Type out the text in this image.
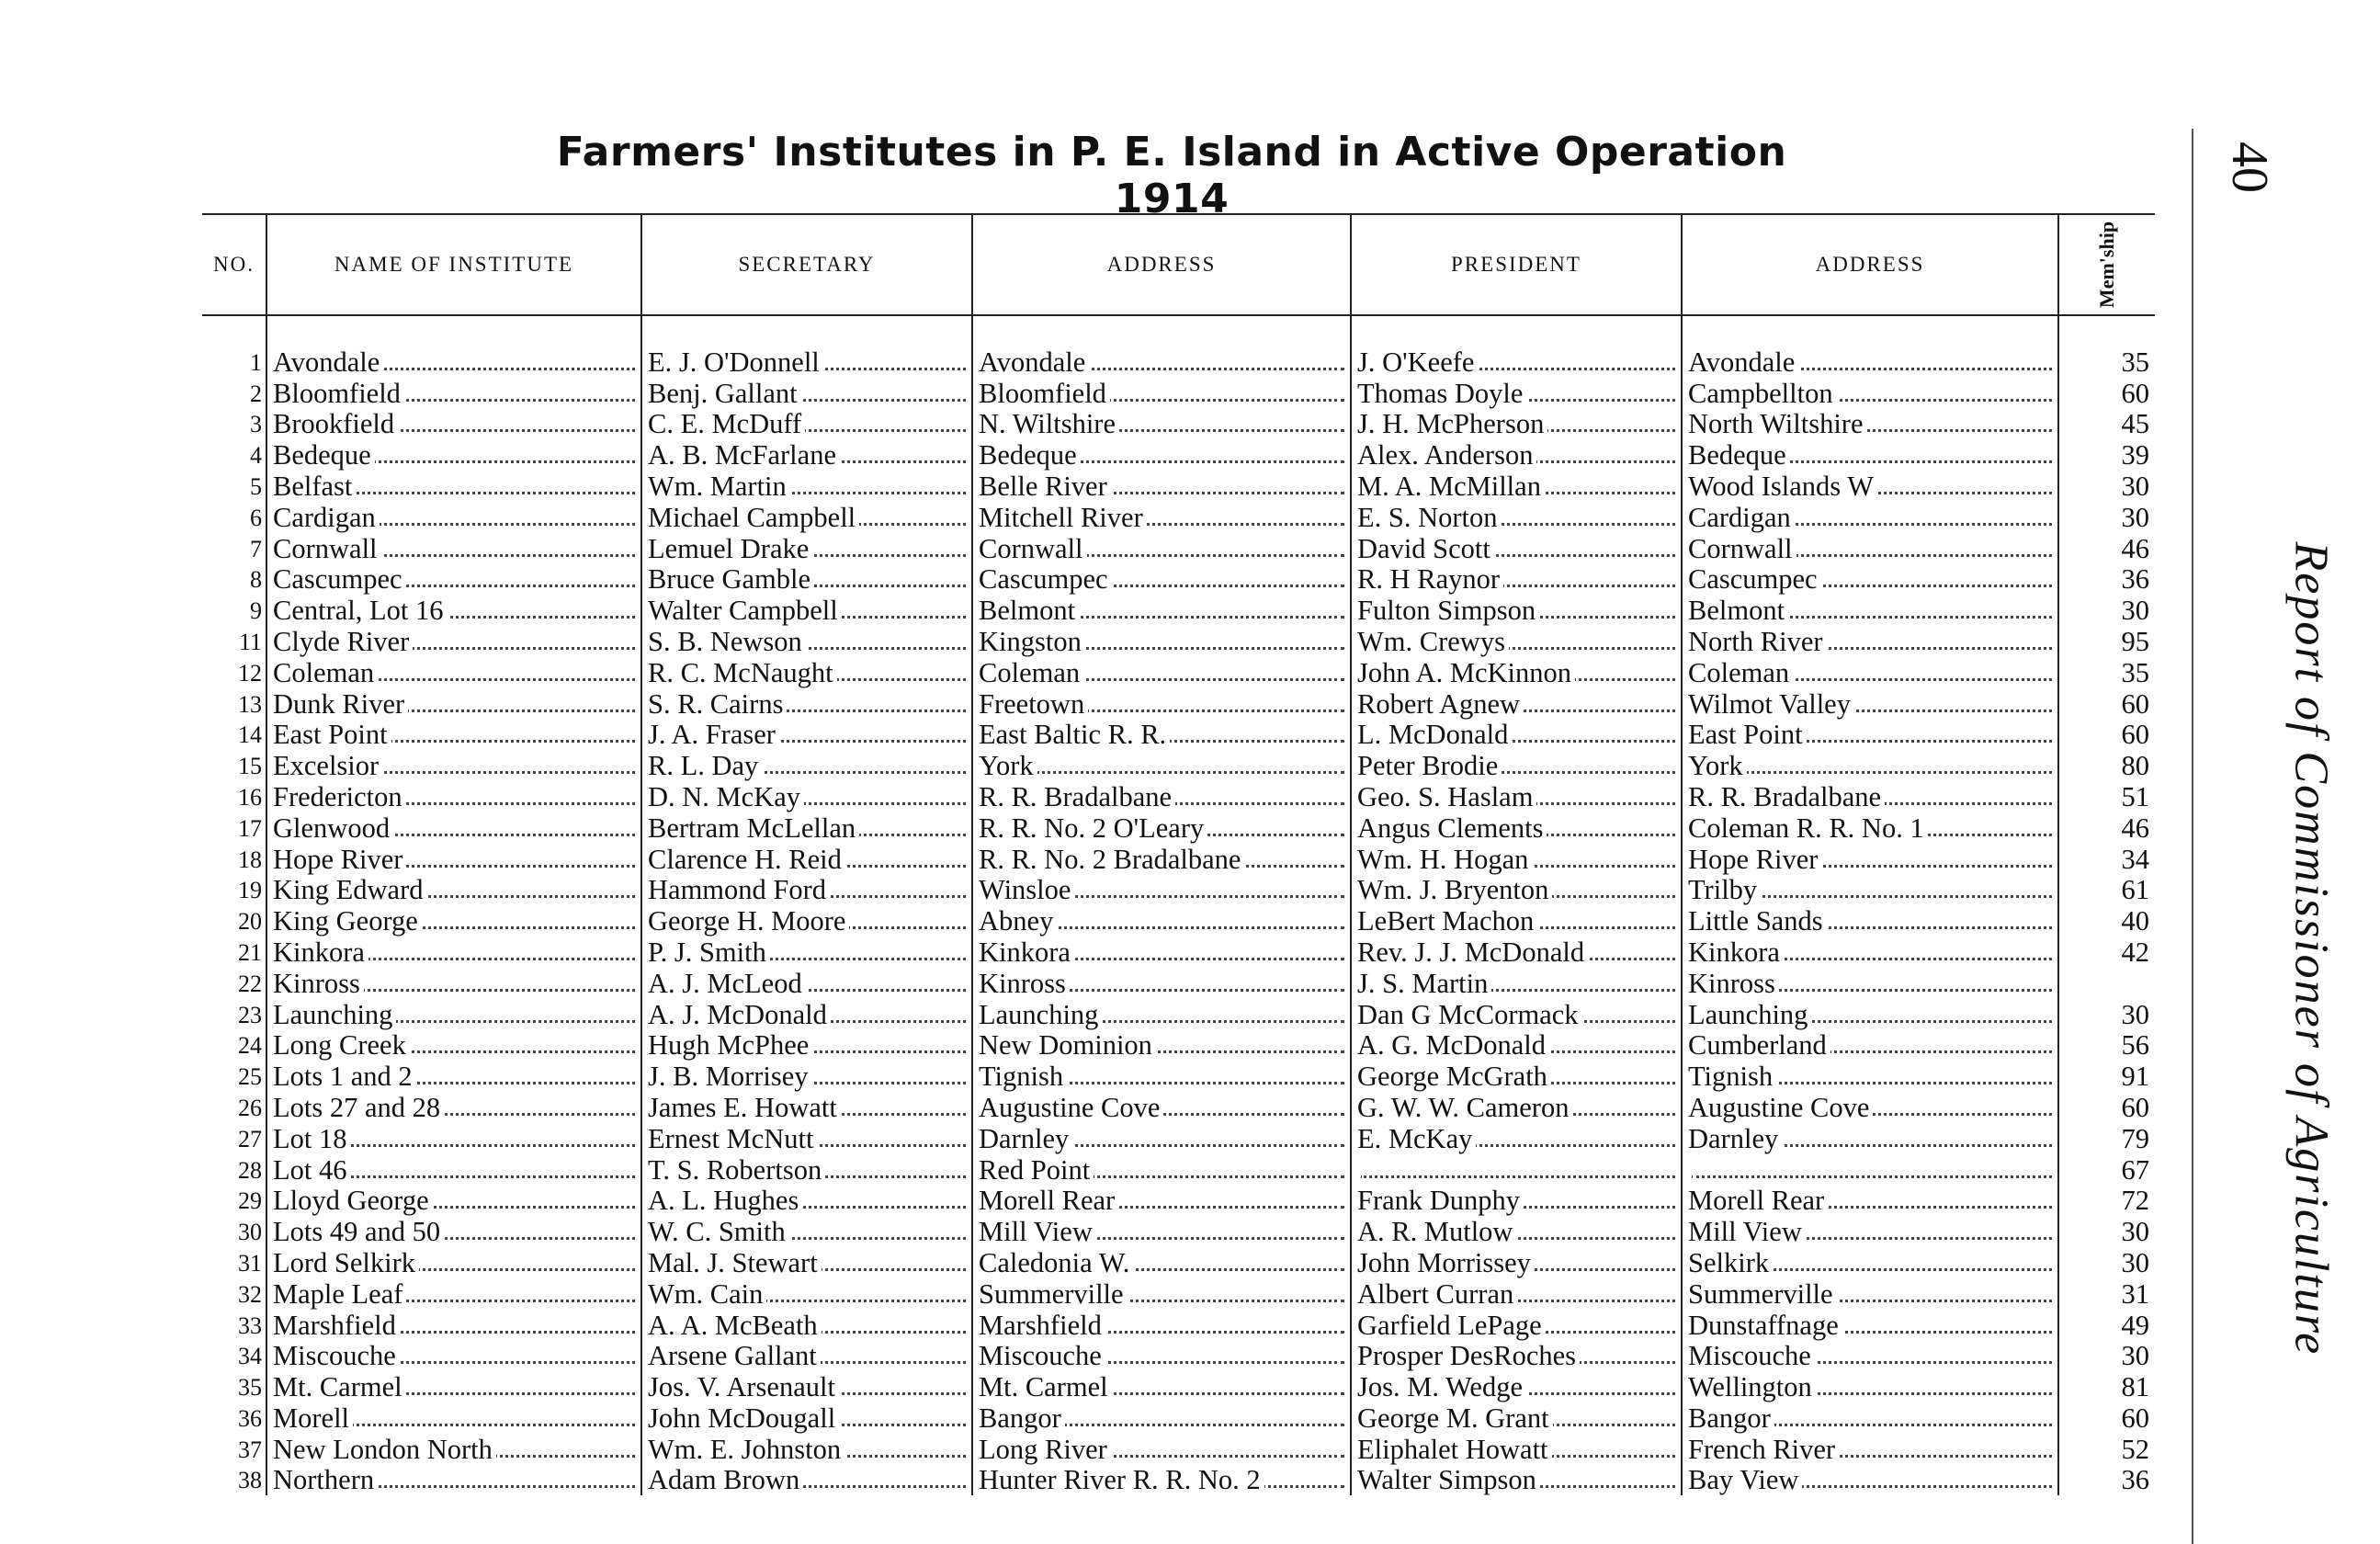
Farmers' Institutes in P. E. Island in Active Operation 1914
40
Report of Commissioner of Agriculture
NO.	NAME OF INSTITUTE	SECRETARY	ADDRESS	PRESIDENT	ADDRESS	Mem'ship

1	Avondale	E. J. O'Donnell	Avondale	J. O'Keefe	Avondale	35
2	Bloomfield	Benj. Gallant	Bloomfield	Thomas Doyle	Campbellton	60
3	Brookfield	C. E. McDuff	N. Wiltshire	J. H. McPherson	North Wiltshire	45
4	Bedeque	A. B. McFarlane	Bedeque	Alex. Anderson	Bedeque	39
5	Belfast	Wm. Martin	Belle River	M. A. McMillan	Wood Islands W	30
6	Cardigan	Michael Campbell	Mitchell River	E. S. Norton	Cardigan	30
7	Cornwall	Lemuel Drake	Cornwall	David Scott	Cornwall	46
8	Cascumpec	Bruce Gamble	Cascumpec	R. H Raynor	Cascumpec	36
9	Central, Lot 16	Walter Campbell	Belmont	Fulton Simpson	Belmont	30
11	Clyde River	S. B. Newson	Kingston	Wm. Crewys	North River	95
12	Coleman	R. C. McNaught	Coleman	John A. McKinnon	Coleman	35
13	Dunk River	S. R. Cairns	Freetown	Robert Agnew	Wilmot Valley	60
14	East Point	J. A. Fraser	East Baltic R. R.	L. McDonald	East Point	60
15	Excelsior	R. L. Day	York	Peter Brodie	York	80
16	Fredericton	D. N. McKay	R. R. Bradalbane	Geo. S. Haslam	R. R. Bradalbane	51
17	Glenwood	Bertram McLellan	R. R. No. 2 O'Leary	Angus Clements	Coleman R. R. No. 1	46
18	Hope River	Clarence H. Reid	R. R. No. 2 Bradalbane	Wm. H. Hogan	Hope River	34
19	King Edward	Hammond Ford	Winsloe	Wm. J. Bryenton	Trilby	61
20	King George	George H. Moore	Abney	LeBert Machon	Little Sands	40
21	Kinkora	P. J. Smith	Kinkora	Rev. J. J. McDonald	Kinkora	42
22	Kinross	A. J. McLeod	Kinross	J. S. Martin	Kinross	
23	Launching	A. J. McDonald	Launching	Dan G McCormack	Launching	30
24	Long Creek	Hugh McPhee	New Dominion	A. G. McDonald	Cumberland	56
25	Lots 1 and 2	J. B. Morrisey	Tignish	George McGrath	Tignish	91
26	Lots 27 and 28	James E. Howatt	Augustine Cove	G. W. W. Cameron	Augustine Cove	60
27	Lot 18	Ernest McNutt	Darnley	E. McKay	Darnley	79
28	Lot 46	T. S. Robertson	Red Point			67
29	Lloyd George	A. L. Hughes	Morell Rear	Frank Dunphy	Morell Rear	72
30	Lots 49 and 50	W. C. Smith	Mill View	A. R. Mutlow	Mill View	30
31	Lord Selkirk	Mal. J. Stewart	Caledonia W.	John Morrissey	Selkirk	30
32	Maple Leaf	Wm. Cain	Summerville	Albert Curran	Summerville	31
33	Marshfield	A. A. McBeath	Marshfield	Garfield LePage	Dunstaffnage	49
34	Miscouche	Arsene Gallant	Miscouche	Prosper DesRoches	Miscouche	30
35	Mt. Carmel	Jos. V. Arsenault	Mt. Carmel	Jos. M. Wedge	Wellington	81
36	Morell	John McDougall	Bangor	George M. Grant	Bangor	60
37	New London North	Wm. E. Johnston	Long River	Eliphalet Howatt	French River	52
38	Northern	Adam Brown	Hunter River R. R. No. 2	Walter Simpson	Bay View	36
